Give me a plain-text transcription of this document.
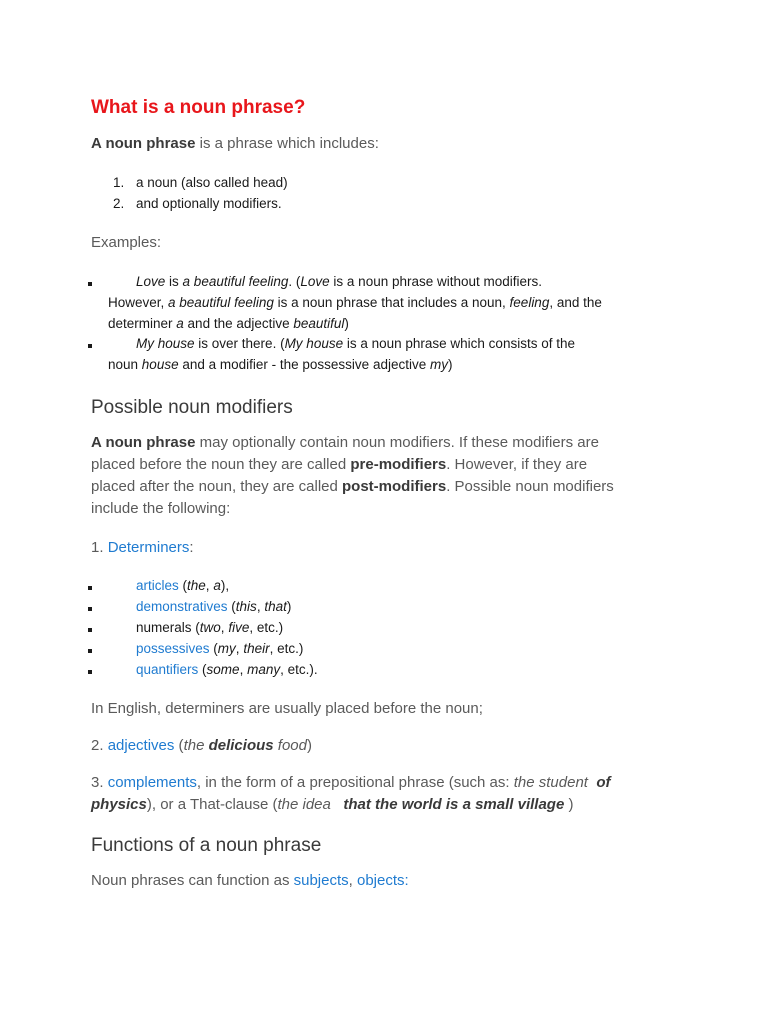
What is a noun phrase?
A noun phrase is a phrase which includes:
1. a noun (also called head)
2. and optionally modifiers.
Examples:
Love is a beautiful feeling. (Love is a noun phrase without modifiers.
However, a beautiful feeling is a noun phrase that includes a noun, feeling, and the
determiner a and the adjective beautiful)
My house is over there. (My house is a noun phrase which consists of the
noun house and a modifier - the possessive adjective my)
Possible noun modifiers
A noun phrase may optionally contain noun modifiers. If these modifiers are
placed before the noun they are called pre-modifiers. However, if they are
placed after the noun, they are called post-modifiers. Possible noun modifiers
include the following:
1. Determiners:
articles (the, a),
demonstratives (this, that)
numerals (two, five, etc.)
possessives (my, their, etc.)
quantifiers (some, many, etc.).
In English, determiners are usually placed before the noun;
2. adjectives (the delicious food)
3. complements, in the form of a prepositional phrase (such as: the student of
physics), or a That-clause (the idea that the world is a small village )
Functions of a noun phrase
Noun phrases can function as subjects, objects:
